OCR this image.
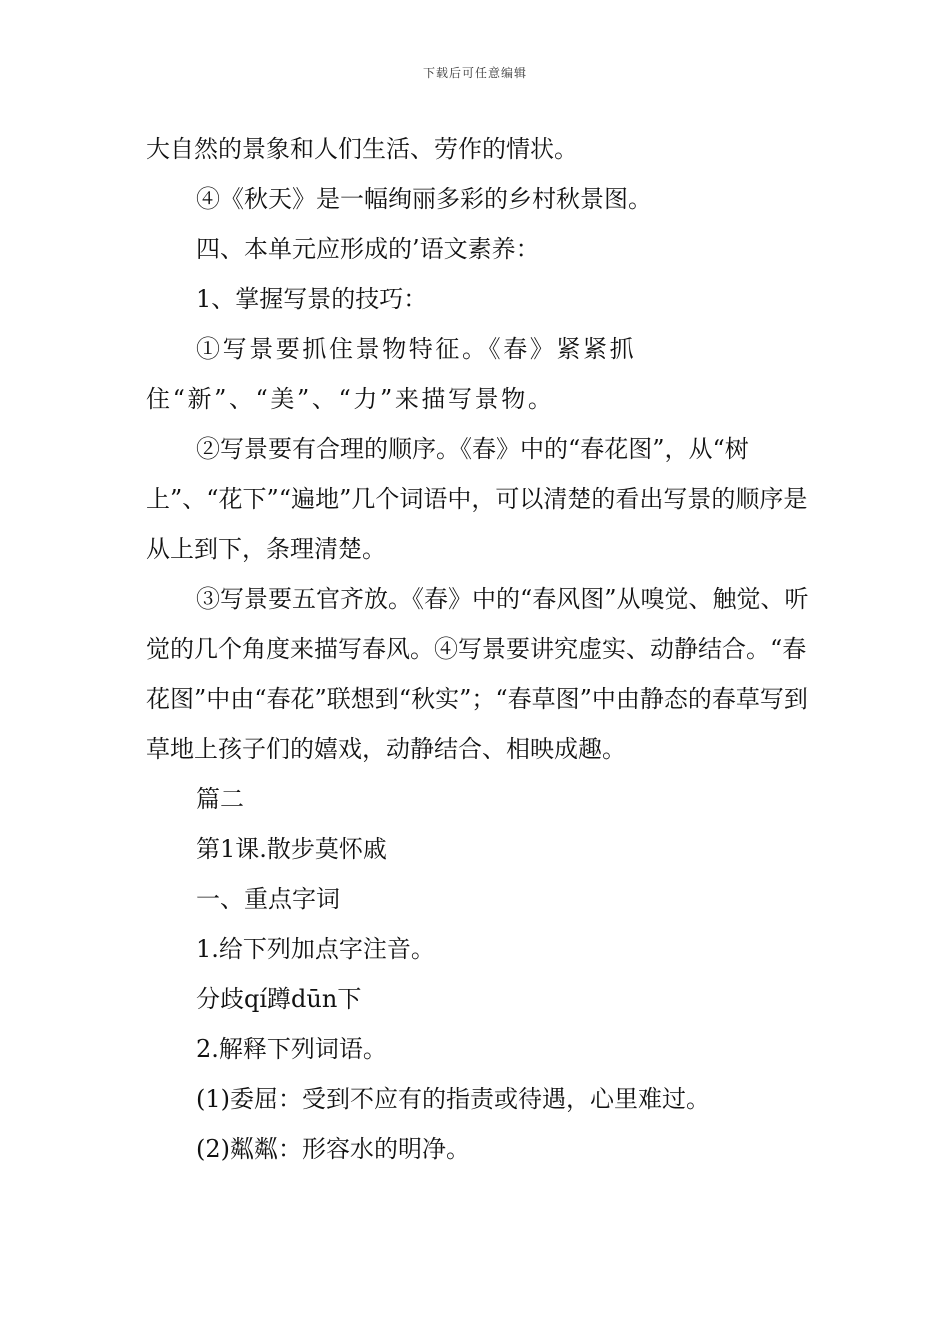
下载后可任意编辑

大自然的景象和人们生活、劳作的情状。

④《秋天》是一幅绚丽多彩的乡村秋景图。

四、本单元应形成的’语文素养：

1、掌握写景的技巧：

①写景要抓住景物特征。《春》紧紧抓住“新”、“美”、“力”来描写景物。

②写景要有合理的顺序。《春》中的“春花图”，从“树上”、“花下”“遍地”几个词语中，可以清楚的看出写景的顺序是从上到下，条理清楚。

③写景要五官齐放。《春》中的“春风图”从嗅觉、触觉、听觉的几个角度来描写春风。④写景要讲究虚实、动静结合。“春花图”中由“春花”联想到“秋实”；“春草图”中由静态的春草写到草地上孩子们的嬉戏，动静结合、相映成趣。

篇二

第1课.散步莫怀戚

一、重点字词

1.给下列加点字注音。

分歧qí蹲dūn下

2.解释下列词语。

(1)委屈：受到不应有的指责或待遇，心里难过。

(2)粼粼：形容水的明净。
